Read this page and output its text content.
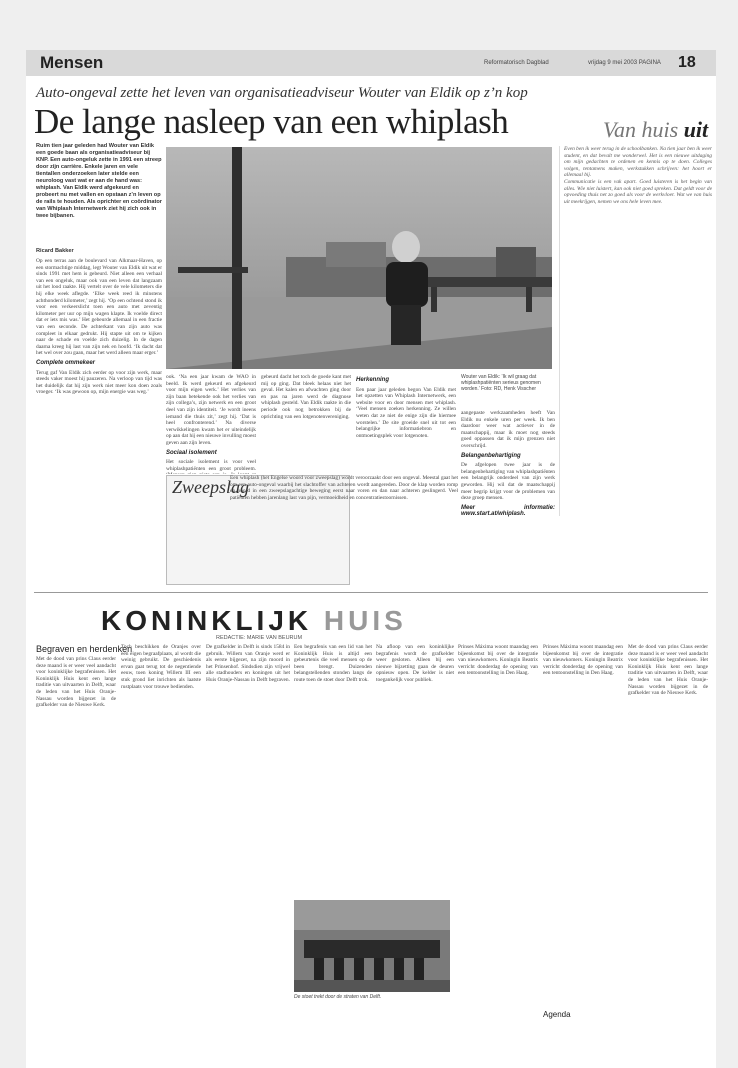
Mensen	Reformatorisch Dagblad	vrijdag 9 mei 2003 PAGINA 18
Auto-ongeval zette het leven van organisatieadviseur Wouter van Eldik op z’n kop
De lange nasleep van een whiplash
Ruim tien jaar geleden had Wouter van Eldik een goede baan als organisatieadviseur bij KNP. Een auto-ongeluk zette in 1991 een streep door zijn carrière. Enkele jaren en vele tientallen onderzoeken later stelde een neuroloog vast wat er aan de hand was: whiplash. Van Eldik werd afgekeurd en probeert nu met vallen en opstaan z’n leven op de rails te houden. Als oprichter en coördinator van Whiplash Internetwerk ziet hij zich ook in twee bijbanen.
Ricard Bakker
Op een terras aan de boulevard van Alkmaar-Haven, op een stormachtige middag, legt Wouter van Eldik uit wat er sinds 1991 met hem is gebeurd. Niet alleen een verhaal van een ongeluk, maar ook van een leven dat langzaam uit het lood raakte. Hij vertelt over de vele kilometers die hij elke week aflegde. ‘Elke week reed ik minstens achthonderd kilometer,’ zegt hij. ‘Op een ochtend stond ik voor een verkeerslicht toen een auto met zeventig kilometer per uur op mijn wagen klapte. Ik voelde direct dat er iets mis was.’ Het gebeurde allemaal in een fractie van een seconde. De achterkant van zijn auto was compleet in elkaar gedrukt. Hij stapte uit om te kijken naar de schade en voelde zich duizelig. In de dagen daarna kreeg hij last van zijn nek en hoofd. ‘Ik dacht dat het wel over zou gaan, maar het werd alleen maar erger.’
Complete ommekeer
Terug gaf Van Eldik zich eerder op voor zijn werk, maar steeds vaker moest hij pauzeren. Na verloop van tijd was het duidelijk dat hij zijn werk niet meer kon doen zoals vroeger. ‘Ik was gewoon op, mijn energie was weg.’
Wouter van Eldik: ‘Ik wil graag dat whiplashpatiënten serieus genomen worden.’ Foto: RD, Henk Visscher
ook. ‘Na een jaar kwam de WAO in beeld. Ik werd gekeurd en afgekeurd voor mijn eigen werk.’ Het verlies van zijn baan betekende ook het verlies van zijn collega’s, zijn netwerk en een groot deel van zijn identiteit. ‘Je wordt ineens iemand die thuis zit,’ zegt hij. ‘Dat is heel confronterend.’ Na diverse verwikkelingen kwam het er uiteindelijk op aan dat hij een nieuwe invulling moest geven aan zijn leven.
Sociaal isolement
Het sociale isolement is voor veel whiplashpatiënten een groot probleem.
gebeurd dacht het toch de goede kant met mij op ging. Dat bleek helaas niet het geval. Het kalen en afwachten ging door en pas na jaren werd de diagnose whiplash gesteld. Van Eldik raakte in die periode ook nog betrokken bij de oprichting van een lotgenotenvereniging.
Herkenning
Een paar jaar geleden begon Van Eldik met het opzetten van Whiplash Internetwerk, een website voor en door mensen met whiplash. ‘Veel mensen zoeken herkenning. Ze willen weten dat ze niet de enige zijn die hiermee worstelen.’ De site groeide snel uit tot een belangrijke informatiebron en ontmoetingsplek voor lotgenoten.
aangepaste werkzaamheden heeft Van Eldik nu enkele uren per week. Ik ben daardoor weer wat actiever in de maatschappij, maar ik moet nog steeds goed oppassen dat ik mijn grenzen niet overschrijd.
Belangenbehartiging
De afgelopen twee jaar is de belangenbehartiging van whiplashpatiënten een belangrijk onderdeel van zijn werk geworden. Hij wil dat de maatschappij meer begrip krijgt voor de problemen van deze groep mensen.
Meer informatie: www.start.at/whiplash.
Zweepslag
Een whiplash (het Engelse woord voor zweepslag) wordt veroorzaakt door een ongeval. Meestal gaat het om een auto-ongeval waarbij het slachtoffer van achteren wordt aangereden. Door de klap worden romp en hoofd in een zweepslagachtige beweging eerst naar voren en dan naar achteren geslingerd. Veel patiënten hebben jarenlang last van pijn, vermoeidheid en concentratiestoornissen.
Van huis uit
Even ben ik weer terug in de schoolbanken. Na tien jaar ben ik weer student, en dat bevalt me wonderwel. Het is een nieuwe uitdaging om mijn gedachten te ordenen en kennis op te doen. Colleges volgen, tentamens maken, werkstukken schrijven: het hoort er allemaal bij.
Communicatie is een vak apart. Goed luisteren is het begin van alles. Wie niet luistert, kan ook niet goed spreken. Dat geldt voor de opvoeding thuis net zo goed als voor de werkvloer. Wat we van huis uit meekrijgen, nemen we ons hele leven mee.
KONINKLIJK HUIS
REDACTIE: MARIE VAN BEURUM
Begraven en herdenken
Met de dood van prins Claus eerder deze maand is er weer veel aandacht voor koninklijke begrafenissen. Het Koninklijk Huis kent een lange traditie van uitvaarten in Delft, waar de leden van het Huis Oranje-Nassau worden bijgezet in de grafkelder van de Nieuwe Kerk.
Toch beschikken de Oranjes over een eigen begraafplaats, al wordt die weinig gebruikt. De geschiedenis ervan gaat terug tot de negentiende eeuw, toen koning Willem III een stuk grond liet inrichten als laatste rustplaats voor trouwe bedienden.
De grafkelder in Delft is sinds 1584 in gebruik. Willem van Oranje werd er als eerste bijgezet, na zijn moord in het Prinsenhof. Sindsdien zijn vrijwel alle stadhouders en koningen uit het Huis Oranje-Nassau in Delft begraven.
Een begrafenis van een lid van het Koninklijk Huis is altijd een gebeurtenis die veel mensen op de been brengt. Duizenden belangstellenden stonden langs de route toen de stoet door Delft trok.
Na afloop van een koninklijke begrafenis wordt de grafkelder weer gesloten. Alleen bij een nieuwe bijzetting gaan de deuren opnieuw open. De kelder is niet toegankelijk voor publiek.
Prinses Máxima woont maandag een bijeenkomst bij over de integratie van nieuwkomers. Koningin Beatrix verricht donderdag de opening van een tentoonstelling in Den Haag.
Prinses Máxima woont maandag een bijeenkomst bij over de integratie van nieuwkomers. Koningin Beatrix verricht donderdag de opening van een tentoonstelling in Den Haag.
Met de dood van prins Claus eerder deze maand is er weer veel aandacht voor koninklijke begrafenissen. Het Koninklijk Huis kent een lange traditie van uitvaarten in Delft, waar de leden van het Huis Oranje-Nassau worden bijgezet in de grafkelder van de Nieuwe Kerk.
De stoet trekt door de straten van Delft.
Agenda
